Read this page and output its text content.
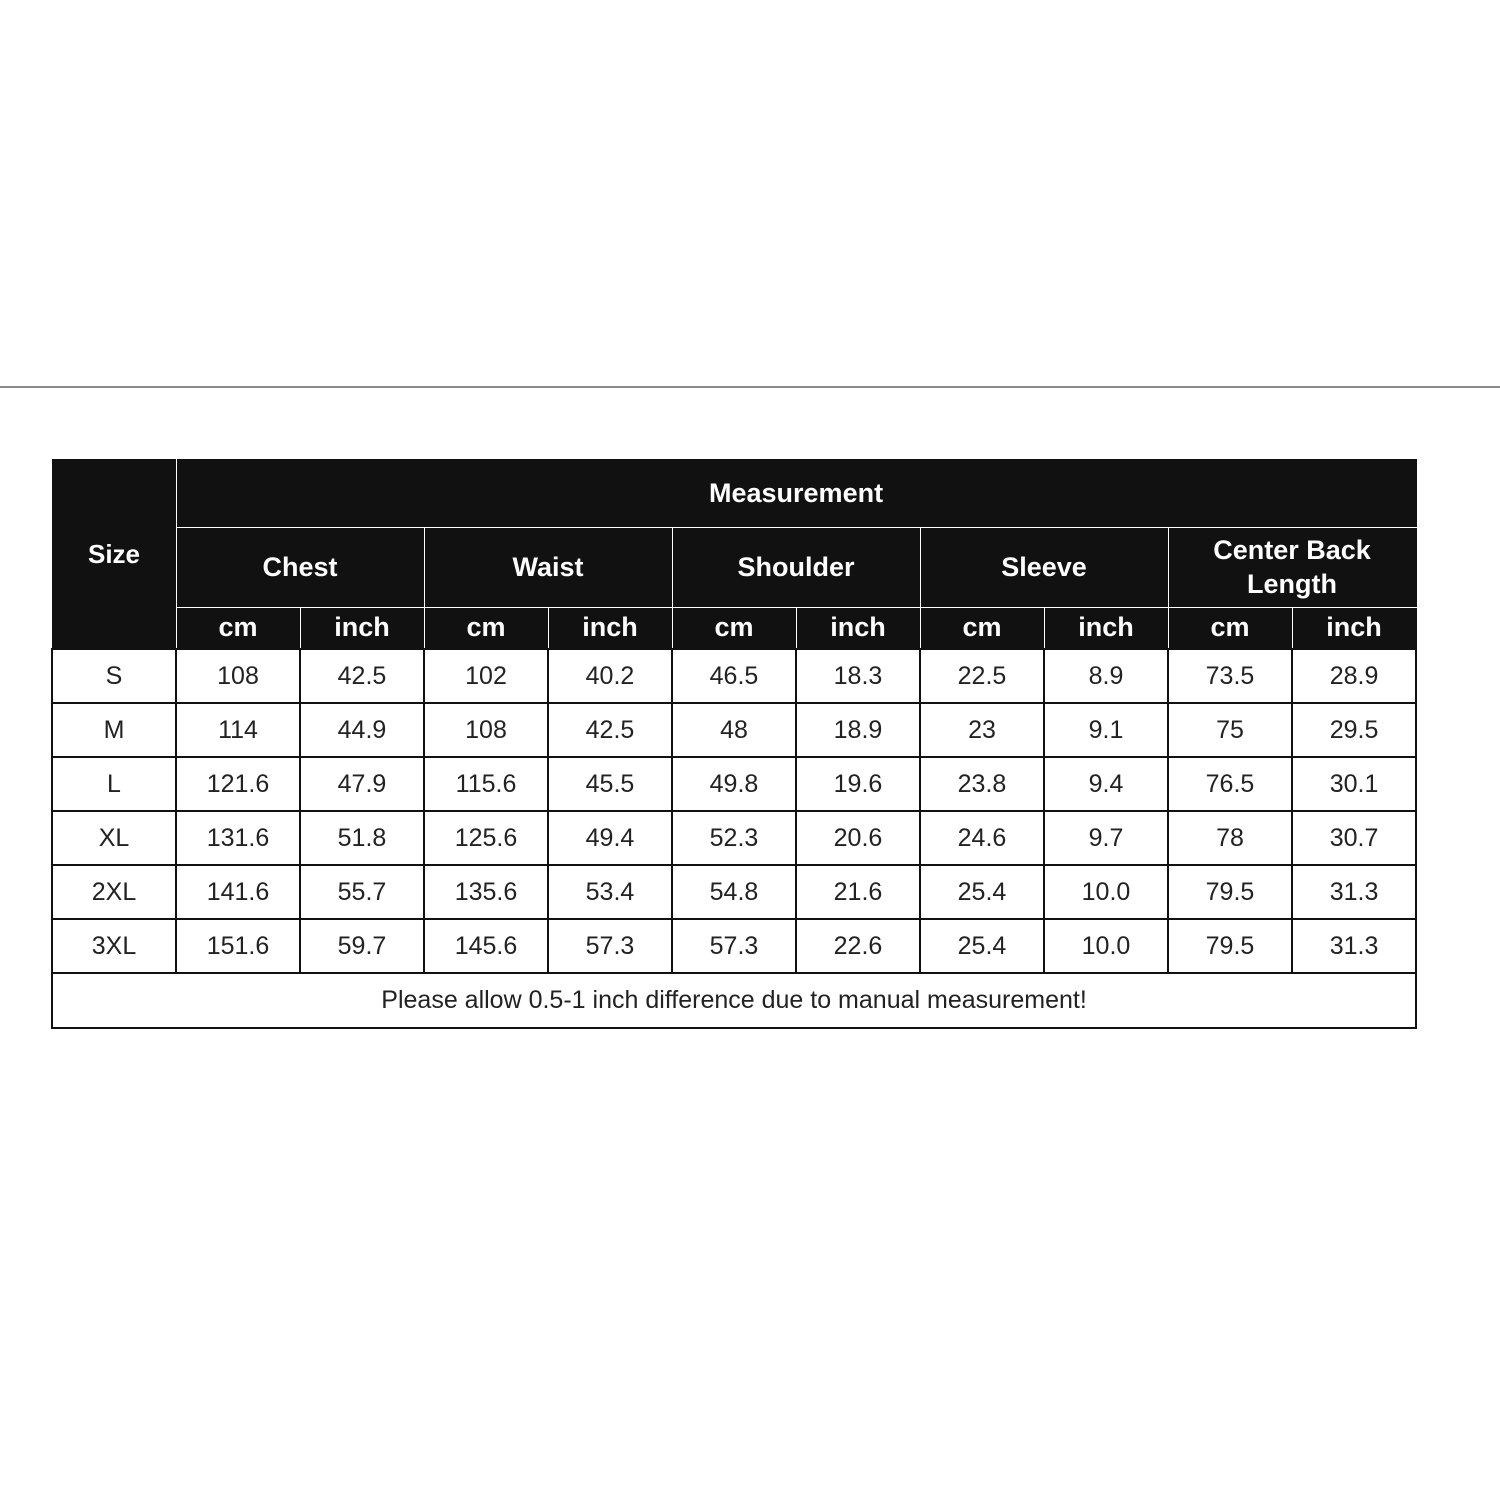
Size	Measurement									
	Chest		Waist		Shoulder		Sleeve		Center Back Length	
	cm	inch	cm	inch	cm	inch	cm	inch	cm	inch
S	108	42.5	102	40.2	46.5	18.3	22.5	8.9	73.5	28.9
M	114	44.9	108	42.5	48	18.9	23	9.1	75	29.5
L	121.6	47.9	115.6	45.5	49.8	19.6	23.8	9.4	76.5	30.1
XL	131.6	51.8	125.6	49.4	52.3	20.6	24.6	9.7	78	30.7
2XL	141.6	55.7	135.6	53.4	54.8	21.6	25.4	10.0	79.5	31.3
3XL	151.6	59.7	145.6	57.3	57.3	22.6	25.4	10.0	79.5	31.3
Please allow 0.5-1 inch difference due to manual measurement!										
